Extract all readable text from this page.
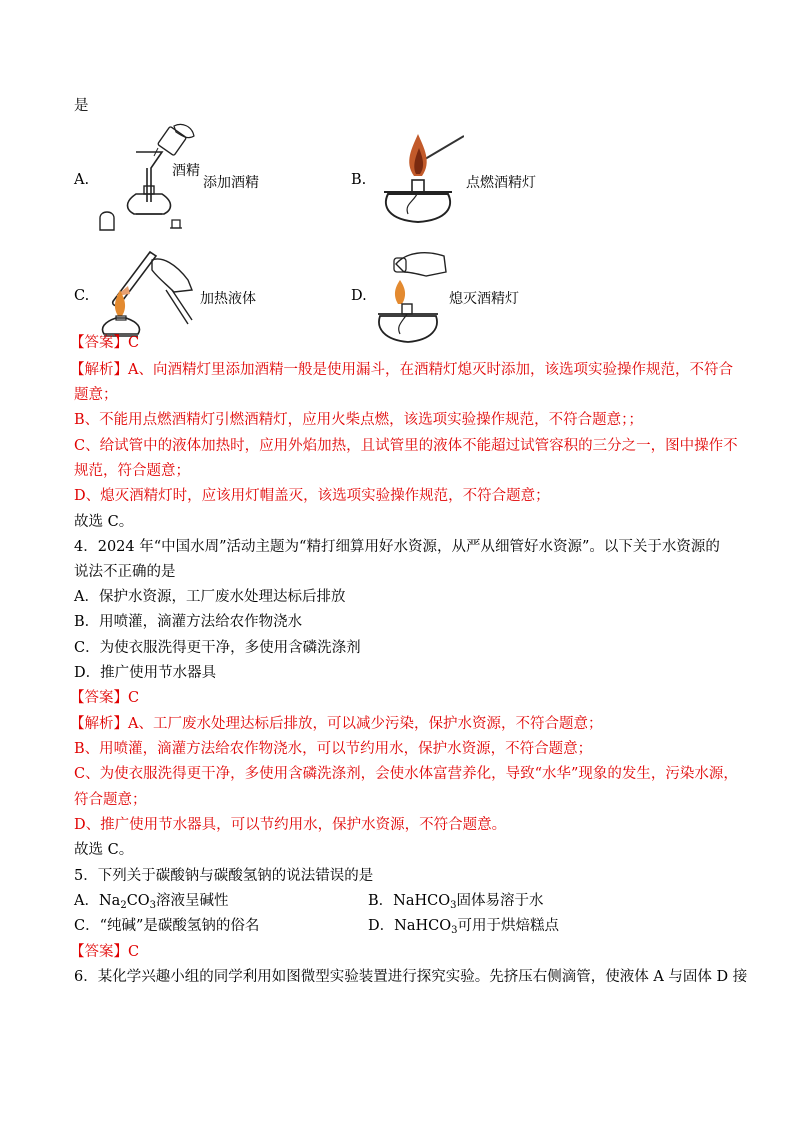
是
A.
酒精
添加酒精	B.	点燃酒精灯
C.	加热液体	D.	熄灭酒精灯
【答案】C
【解析】A、向酒精灯里添加酒精一般是使用漏斗，在酒精灯熄灭时添加，该选项实验操作规范，不符合
题意；
B、不能用点燃酒精灯引燃酒精灯，应用火柴点燃，该选项实验操作规范，不符合题意；；
C、给试管中的液体加热时，应用外焰加热，且试管里的液体不能超过试管容积的三分之一，图中操作不
规范，符合题意；
D、熄灭酒精灯时，应该用灯帽盖灭，该选项实验操作规范，不符合题意；
故选 C。
4．2024 年“中国水周”活动主题为“精打细算用好水资源，从严从细管好水资源”。以下关于水资源的
说法不正确的是
A．保护水资源，工厂废水处理达标后排放
B．用喷灌，滴灌方法给农作物浇水
C．为使衣服洗得更干净，多使用含磷洗涤剂
D．推广使用节水器具
【答案】C
【解析】A、工厂废水处理达标后排放，可以减少污染，保护水资源，不符合题意；
B、用喷灌，滴灌方法给农作物浇水，可以节约用水，保护水资源，不符合题意；
C、为使衣服洗得更干净，多使用含磷洗涤剂，会使水体富营养化，导致“水华”现象的发生，污染水源，
符合题意；
D、推广使用节水器具，可以节约用水，保护水资源，不符合题意。
故选 C。
5．下列关于碳酸钠与碳酸氢钠的说法错误的是
A．$Na_2CO_3$溶液呈碱性	B．NaHCO$_3$固体易溶于水
C．“纯碱”是碳酸氢钠的俗名	D．NaHCO$_3$可用于烘焙糕点
【答案】C
6．某化学兴趣小组的同学利用如图微型实验装置进行探究实验。先挤压右侧滴管，使液体 A 与固体 D 接
